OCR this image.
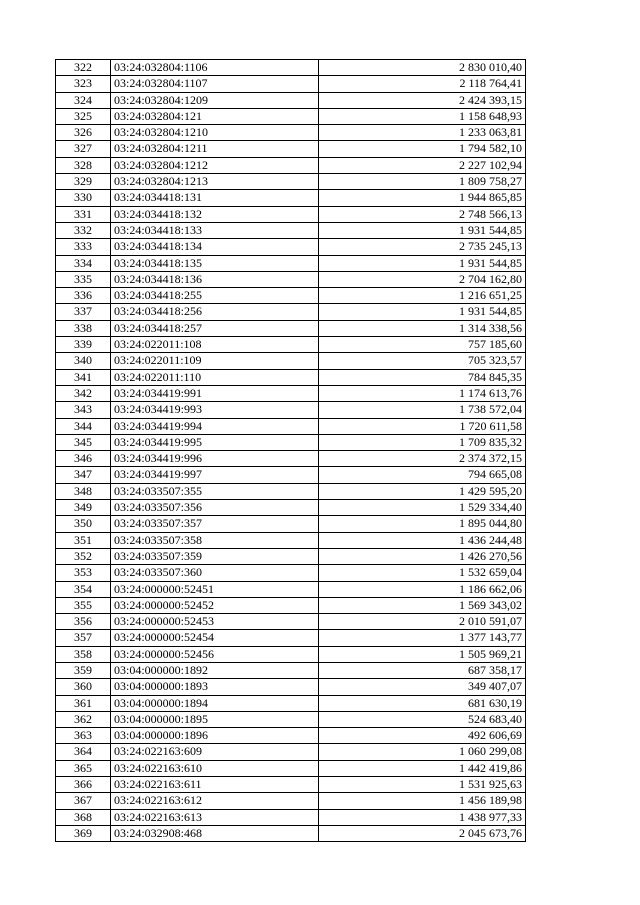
322	03:24:032804:1106	2 830 010,40
323	03:24:032804:1107	2 118 764,41
324	03:24:032804:1209	2 424 393,15
325	03:24:032804:121	1 158 648,93
326	03:24:032804:1210	1 233 063,81
327	03:24:032804:1211	1 794 582,10
328	03:24:032804:1212	2 227 102,94
329	03:24:032804:1213	1 809 758,27
330	03:24:034418:131	1 944 865,85
331	03:24:034418:132	2 748 566,13
332	03:24:034418:133	1 931 544,85
333	03:24:034418:134	2 735 245,13
334	03:24:034418:135	1 931 544,85
335	03:24:034418:136	2 704 162,80
336	03:24:034418:255	1 216 651,25
337	03:24:034418:256	1 931 544,85
338	03:24:034418:257	1 314 338,56
339	03:24:022011:108	757 185,60
340	03:24:022011:109	705 323,57
341	03:24:022011:110	784 845,35
342	03:24:034419:991	1 174 613,76
343	03:24:034419:993	1 738 572,04
344	03:24:034419:994	1 720 611,58
345	03:24:034419:995	1 709 835,32
346	03:24:034419:996	2 374 372,15
347	03:24:034419:997	794 665,08
348	03:24:033507:355	1 429 595,20
349	03:24:033507:356	1 529 334,40
350	03:24:033507:357	1 895 044,80
351	03:24:033507:358	1 436 244,48
352	03:24:033507:359	1 426 270,56
353	03:24:033507:360	1 532 659,04
354	03:24:000000:52451	1 186 662,06
355	03:24:000000:52452	1 569 343,02
356	03:24:000000:52453	2 010 591,07
357	03:24:000000:52454	1 377 143,77
358	03:24:000000:52456	1 505 969,21
359	03:04:000000:1892	687 358,17
360	03:04:000000:1893	349 407,07
361	03:04:000000:1894	681 630,19
362	03:04:000000:1895	524 683,40
363	03:04:000000:1896	492 606,69
364	03:24:022163:609	1 060 299,08
365	03:24:022163:610	1 442 419,86
366	03:24:022163:611	1 531 925,63
367	03:24:022163:612	1 456 189,98
368	03:24:022163:613	1 438 977,33
369	03:24:032908:468	2 045 673,76
